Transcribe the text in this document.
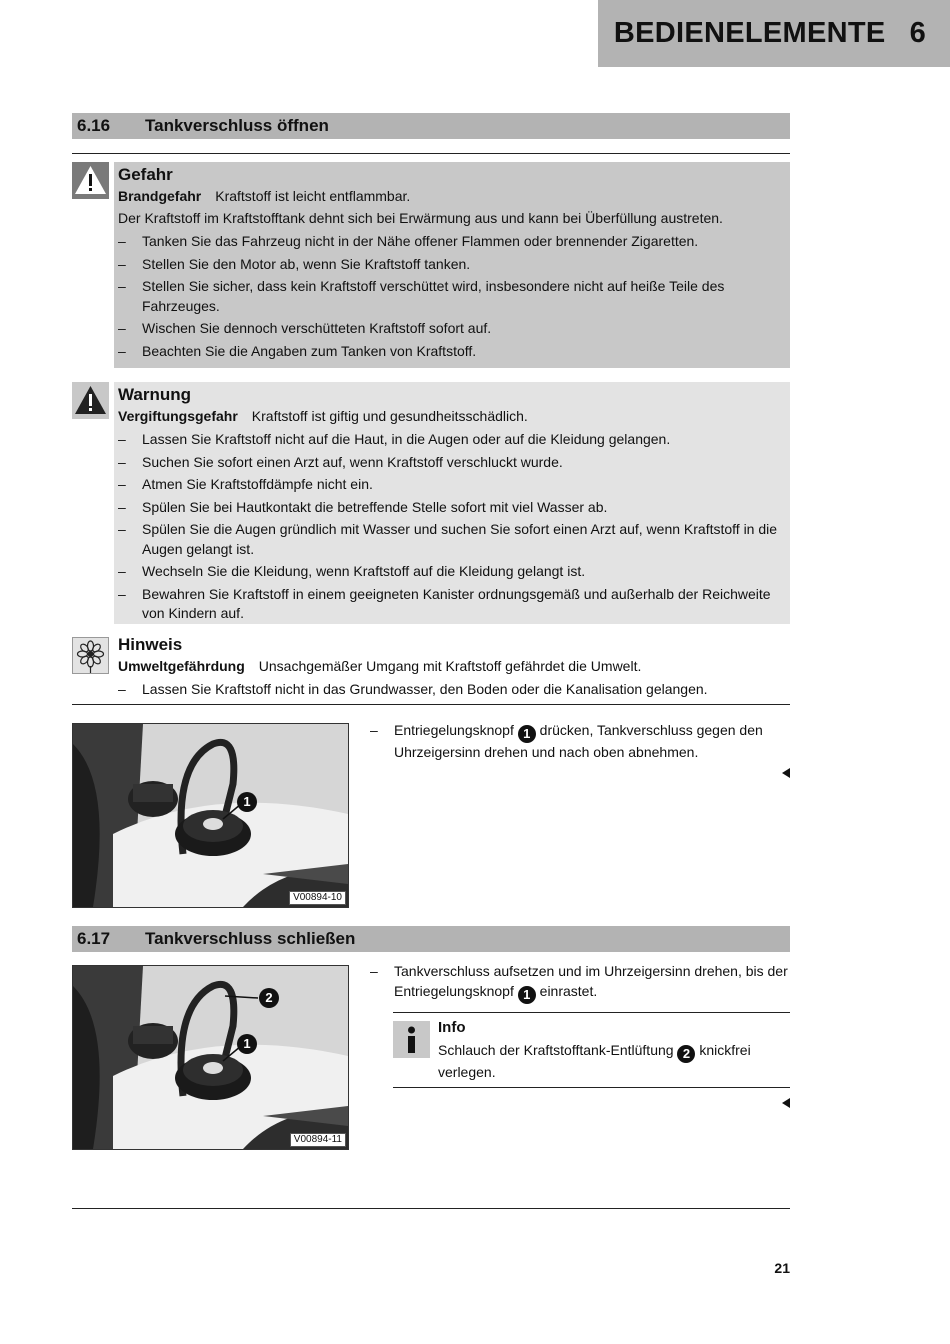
BEDIENELEMENTE 6
6.16	Tankverschluss öffnen
Gefahr

Brandgefahr Kraftstoff ist leicht entflammbar.

Der Kraftstoff im Kraftstofftank dehnt sich bei Erwärmung aus und kann bei Überfüllung austreten.

– Tanken Sie das Fahrzeug nicht in der Nähe offener Flammen oder brennender Zigaretten.
– Stellen Sie den Motor ab, wenn Sie Kraftstoff tanken.
– Stellen Sie sicher, dass kein Kraftstoff verschüttet wird, insbesondere nicht auf heiße Teile des Fahrzeuges.
– Wischen Sie dennoch verschütteten Kraftstoff sofort auf.
– Beachten Sie die Angaben zum Tanken von Kraftstoff.
Warnung

Vergiftungsgefahr Kraftstoff ist giftig und gesundheitsschädlich.

– Lassen Sie Kraftstoff nicht auf die Haut, in die Augen oder auf die Kleidung gelangen.
– Suchen Sie sofort einen Arzt auf, wenn Kraftstoff verschluckt wurde.
– Atmen Sie Kraftstoffdämpfe nicht ein.
– Spülen Sie bei Hautkontakt die betreffende Stelle sofort mit viel Wasser ab.
– Spülen Sie die Augen gründlich mit Wasser und suchen Sie sofort einen Arzt auf, wenn Kraftstoff in die Augen gelangt ist.
– Wechseln Sie die Kleidung, wenn Kraftstoff auf die Kleidung gelangt ist.
– Bewahren Sie Kraftstoff in einem geeigneten Kanister ordnungsgemäß und außerhalb der Reichweite von Kindern auf.
Hinweis

Umweltgefährdung Unsachgemäßer Umgang mit Kraftstoff gefährdet die Umwelt.

– Lassen Sie Kraftstoff nicht in das Grundwasser, den Boden oder die Kanalisation gelangen.
1
V00894-10
– Entriegelungsknopf 1 drücken, Tankverschluss gegen den Uhrzeigersinn drehen und nach oben abnehmen.
6.17	Tankverschluss schließen
2
1
V00894-11
– Tankverschluss aufsetzen und im Uhrzeigersinn drehen, bis der Entriegelungsknopf 1 einrastet.
Info
Schlauch der Kraftstofftank-Entlüftung 2 knickfrei verlegen.
21
